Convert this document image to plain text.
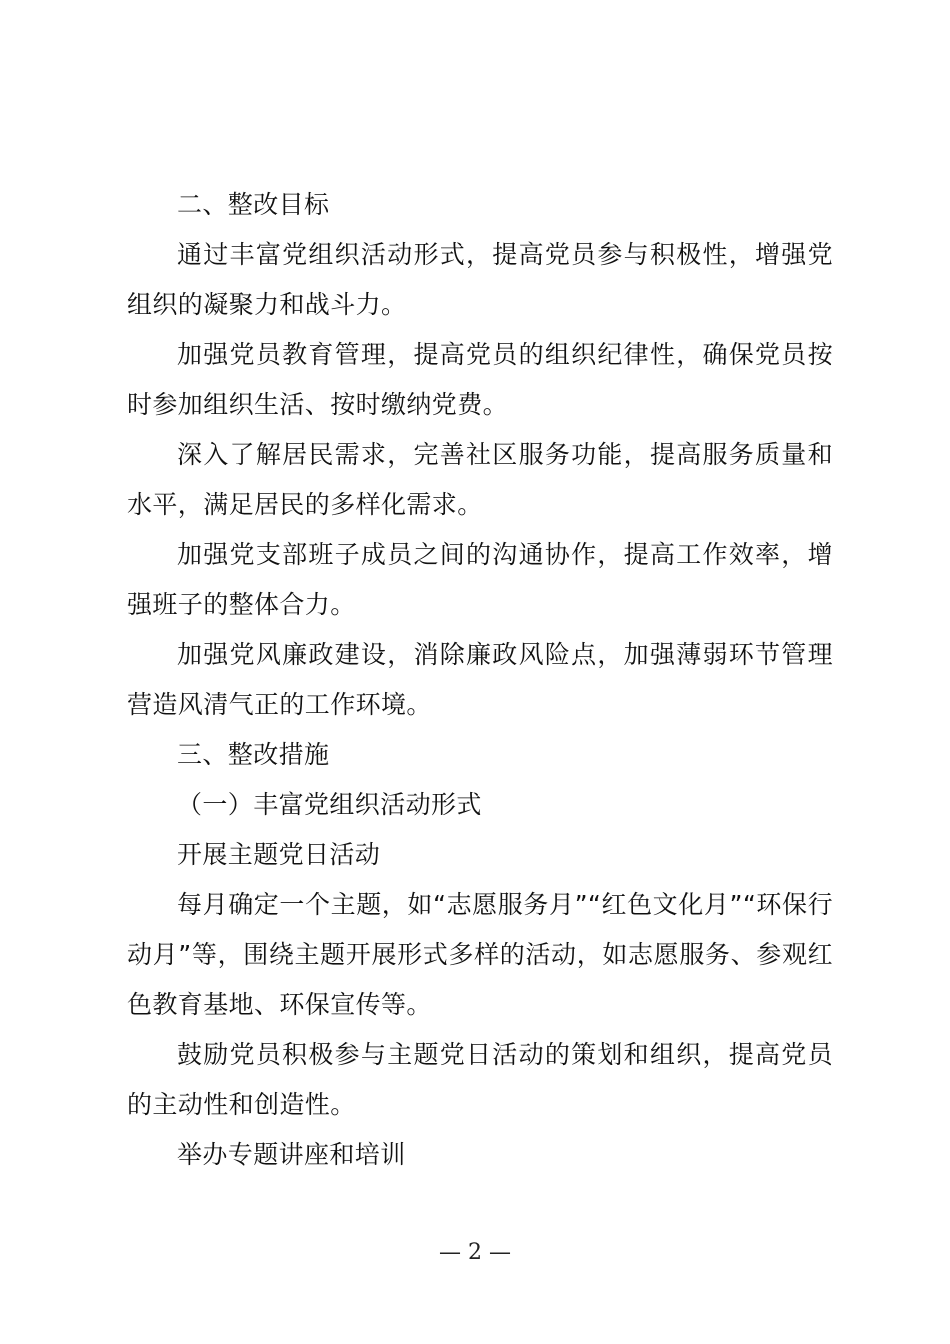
二、整改目标

通过丰富党组织活动形式，提高党员参与积极性，增强党组织的凝聚力和战斗力。

加强党员教育管理，提高党员的组织纪律性，确保党员按时参加组织生活、按时缴纳党费。

深入了解居民需求，完善社区服务功能，提高服务质量和水平，满足居民的多样化需求。

加强党支部班子成员之间的沟通协作，提高工作效率，增强班子的整体合力。

加强党风廉政建设，消除廉政风险点，加强薄弱环节管理营造风清气正的工作环境。

三、整改措施

（一）丰富党组织活动形式

开展主题党日活动

每月确定一个主题，如“志愿服务月”“红色文化月”“环保行动月”等，围绕主题开展形式多样的活动，如志愿服务、参观红色教育基地、环保宣传等。

鼓励党员积极参与主题党日活动的策划和组织，提高党员的主动性和创造性。

举办专题讲座和培训

— 2 —
